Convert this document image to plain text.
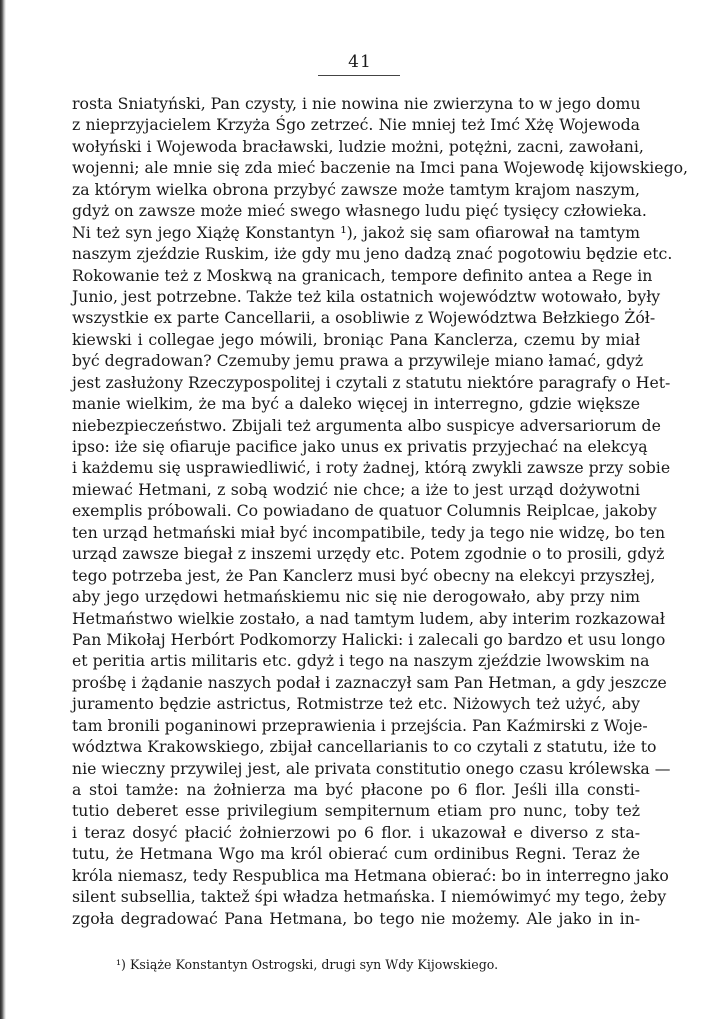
41
rosta Sniatyński, Pan czysty, i nie nowina nie zwierzyna to w jego domu
z nieprzyjacielem Krzyża Śgo zetrzeć. Nie mniej też Imć Xżę Wojewoda
wołyński i Wojewoda bracławski, ludzie możni, potężni, zacni, zawołani,
wojenni; ale mnie się zda mieć baczenie na Imci pana Wojewodę kijowskiego,
za którym wielka obrona przybyć zawsze może tamtym krajom naszym,
gdyż on zawsze może mieć swego własnego ludu pięć tysięcy człowieka.
Ni też syn jego Xiążę Konstantyn ¹), jakoż się sam ofiarował na tamtym
naszym zjeździe Ruskim, iże gdy mu jeno dadzą znać pogotowiu będzie etc.
Rokowanie też z Moskwą na granicach, tempore definito antea a Rege in
Junio, jest potrzebne. Także też kila ostatnich województw wotowało, były
wszystkie ex parte Cancellarii, a osobliwie z Województwa Bełzkiego Żół-
kiewski i collegae jego mówili, broniąc Pana Kanclerza, czemu by miał
być degradowan? Czemuby jemu prawa a przywileje miano łamać, gdyż
jest zasłużony Rzeczypospolitej i czytali z statutu niektóre paragrafy o Het-
manie wielkim, że ma być a daleko więcej in interregno, gdzie większe
niebezpieczeństwo. Zbijali też argumenta albo suspicye adversariorum de
ipso: iże się ofiaruje pacifice jako unus ex privatis przyjechać na elekcyą
i każdemu się usprawiedliwić, i roty żadnej, którą zwykli zawsze przy sobie
miewać Hetmani, z sobą wodzić nie chce; a iże to jest urząd dożywotni
exemplis próbowali. Co powiadano de quatuor Columnis Reiplcae, jakoby
ten urząd hetmański miał być incompatibile, tedy ja tego nie widzę, bo ten
urząd zawsze biegał z inszemi urzędy etc. Potem zgodnie o to prosili, gdyż
tego potrzeba jest, że Pan Kanclerz musi być obecny na elekcyi przyszłej,
aby jego urzędowi hetmańskiemu nic się nie derogowało, aby przy nim
Hetmaństwo wielkie zostało, a nad tamtym ludem, aby interim rozkazował
Pan Mikołaj Herbórt Podkomorzy Halicki: i zalecali go bardzo et usu longo
et peritia artis militaris etc. gdyż i tego na naszym zjeździe lwowskim na
prośbę i żądanie naszych podał i zaznaczył sam Pan Hetman, a gdy jeszcze
juramento będzie astrictus, Rotmistrze też etc. Niżowych też użyć, aby
tam bronili poganinowi przeprawienia i przejścia. Pan Kaźmirski z Woje-
wództwa Krakowskiego, zbijał cancellarianis to co czytali z statutu, iże to
nie wieczny przywilej jest, ale privata constitutio onego czasu królewska —
a stoi tamże: na żołnierza ma być płacone po 6 flor. Jeśli illa consti-
tutio deberet esse privilegium sempiternum etiam pro nunc, toby też
i teraz dosyć płacić żołnierzowi po 6 flor. i ukazował e diverso z sta-
tutu, że Hetmana Wgo ma król obierać cum ordinibus Regni. Teraz że
króla niemasz, tedy Respublica ma Hetmana obierać: bo in interregno jako
silent subsellia, taktež śpi władza hetmańska. I niemówimyć my tego, żeby
zgoła degradować Pana Hetmana, bo tego nie możemy. Ale jako in in-
¹) Książe Konstantyn Ostrogski, drugi syn Wdy Kijowskiego.
